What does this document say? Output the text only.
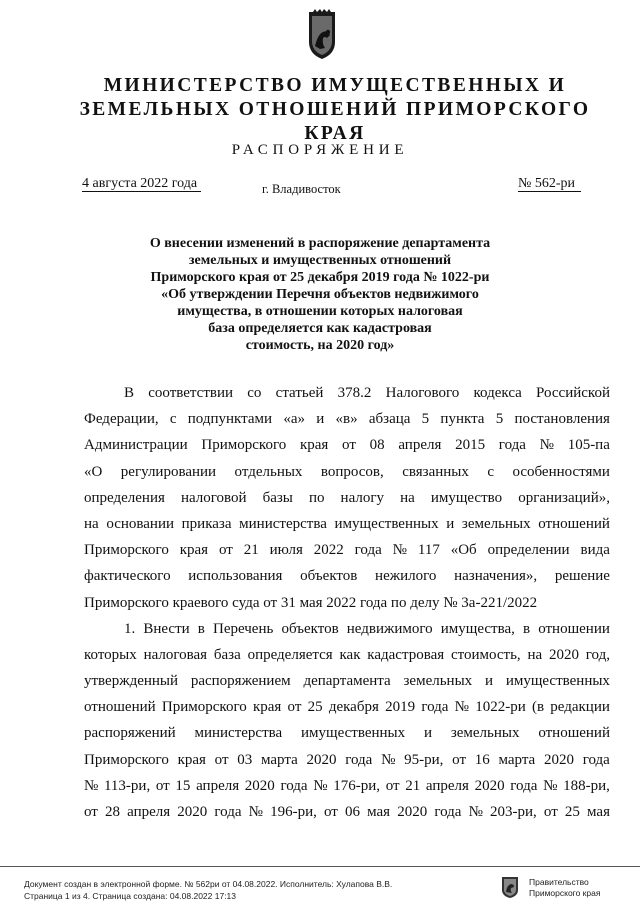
МИНИСТЕРСТВО ИМУЩЕСТВЕННЫХ И
ЗЕМЕЛЬНЫХ ОТНОШЕНИЙ ПРИМОРСКОГО КРАЯ
РАСПОРЯЖЕНИЕ
4 августа 2022 года	г. Владивосток	№ 562-ри
О внесении изменений в распоряжение департамента
земельных и имущественных отношений
Приморского края от 25 декабря 2019 года № 1022-ри
«Об утверждении Перечня объектов недвижимого
имущества, в отношении которых налоговая
база определяется как кадастровая
стоимость, на 2020 год»

В соответствии со статьей 378.2 Налогового кодекса Российской
Федерации, с подпунктами «а» и «в» абзаца 5 пункта 5 постановления
Администрации Приморского края от 08 апреля 2015 года № 105-па
«О регулировании отдельных вопросов, связанных с особенностями
определения налоговой базы по налогу на имущество организаций»,
на основании приказа министерства имущественных и земельных отношений
Приморского края от 21 июля 2022 года № 117 «Об определении вида
фактического использования объектов нежилого назначения», решение
Приморского краевого суда от 31 мая 2022 года по делу № 3а-221/2022

1. Внести в Перечень объектов недвижимого имущества, в отношении
которых налоговая база определяется как кадастровая стоимость, на 2020 год,
утвержденный распоряжением департамента земельных и имущественных
отношений Приморского края от 25 декабря 2019 года № 1022-ри (в редакции
распоряжений министерства имущественных и земельных отношений
Приморского края от 03 марта 2020 года № 95-ри, от 16 марта 2020 года
№ 113-ри, от 15 апреля 2020 года № 176-ри, от 21 апреля 2020 года № 188-ри,
от 28 апреля 2020 года № 196-ри, от 06 мая 2020 года № 203-ри, от 25 мая

Документ создан в электронной форме. № 562ри от 04.08.2022. Исполнитель: Хулапова В.В.
Страница 1 из 4. Страница создана: 04.08.2022 17:13
Правительство
Приморского края
